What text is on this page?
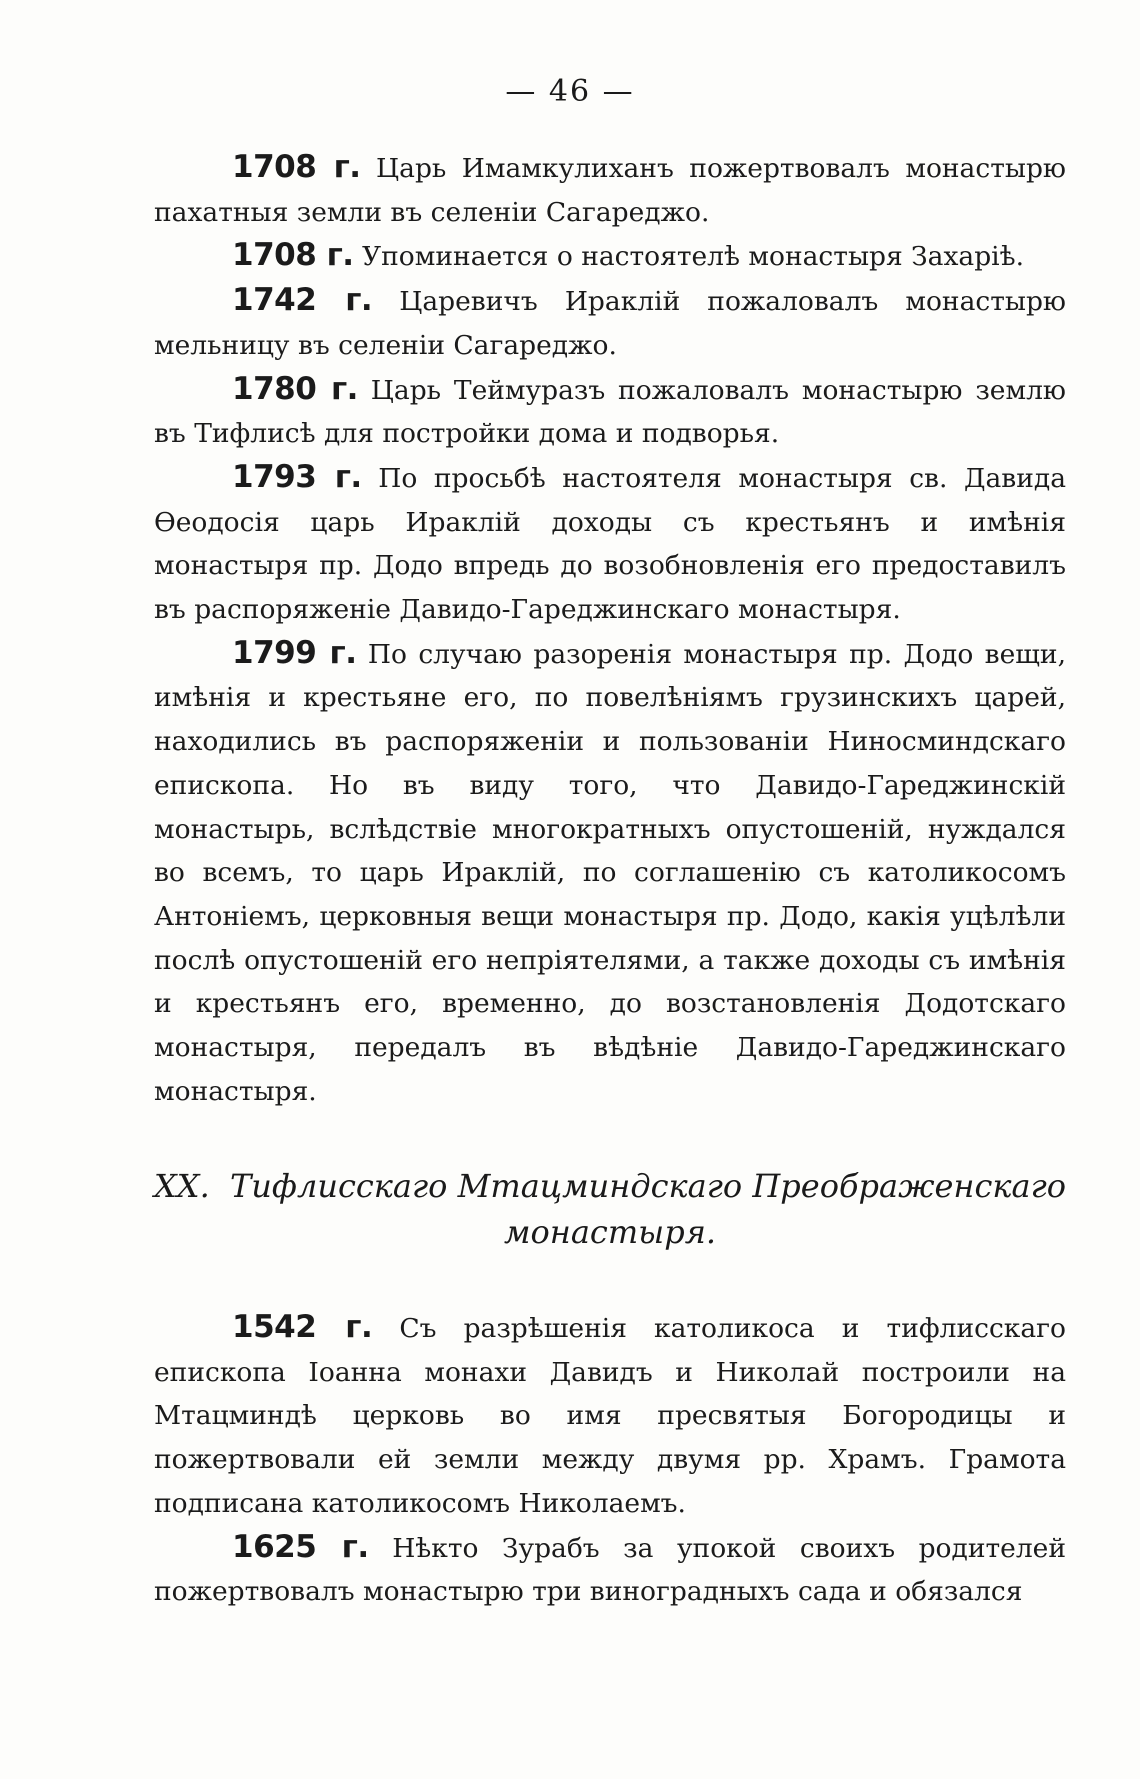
— 46 —

1708 г. Царь Имамкулиханъ пожертвовалъ монастырю пахатныя земли въ селеніи Сагареджо.

1708 г. Упоминается о настоятелѣ монастыря Захаріѣ.

1742 г. Царевичъ Ираклій пожаловалъ монастырю мельницу въ селеніи Сагареджо.

1780 г. Царь Теймуразъ пожаловалъ монастырю землю въ Тифлисѣ для постройки дома и подворья.

1793 г. По просьбѣ настоятеля монастыря св. Давида Ѳеодосія царь Ираклій доходы съ крестьянъ и имѣнія монастыря пр. Додо впредь до возобновленія его предоставилъ въ распоряженіе Давидо-Гареджинскаго монастыря.

1799 г. По случаю разоренія монастыря пр. Додо вещи, имѣнія и крестьяне его, по повелѣніямъ грузинскихъ царей, находились въ распоряженіи и пользованіи Нинocминдскаго епископа. Но въ виду того, что Давидо-Гареджинскій монастырь, вслѣдствіе многократныхъ опустошеній, нуждался во всемъ, то царь Ираклій, по соглашенію съ католикосомъ Антоніемъ, церковныя вещи монастыря пр. Додо, какія уцѣлѣли послѣ опустошеній его непріятелями, а также доходы съ имѣнія и крестьянъ его, временно, до возстановленія Додотскаго монастыря, передалъ въ вѣдѣніе Давидо-Гареджинскаго монастыря.

XX. Тифлисскаго Мтацминдскаго Преображенскаго монастыря.

1542 г. Съ разрѣшенія католикоса и тифлисскаго епископа Іоанна монахи Давидъ и Николай построили на Мтацминдѣ церковь во имя пресвятыя Богородицы и пожертвовали ей земли между двумя рр. Храмъ. Грамота подписана католикосомъ Николаемъ.

1625 г. Нѣкто Зурабъ за упокой своихъ родителей пожертвовалъ монастырю три виноградныхъ сада и обязался
